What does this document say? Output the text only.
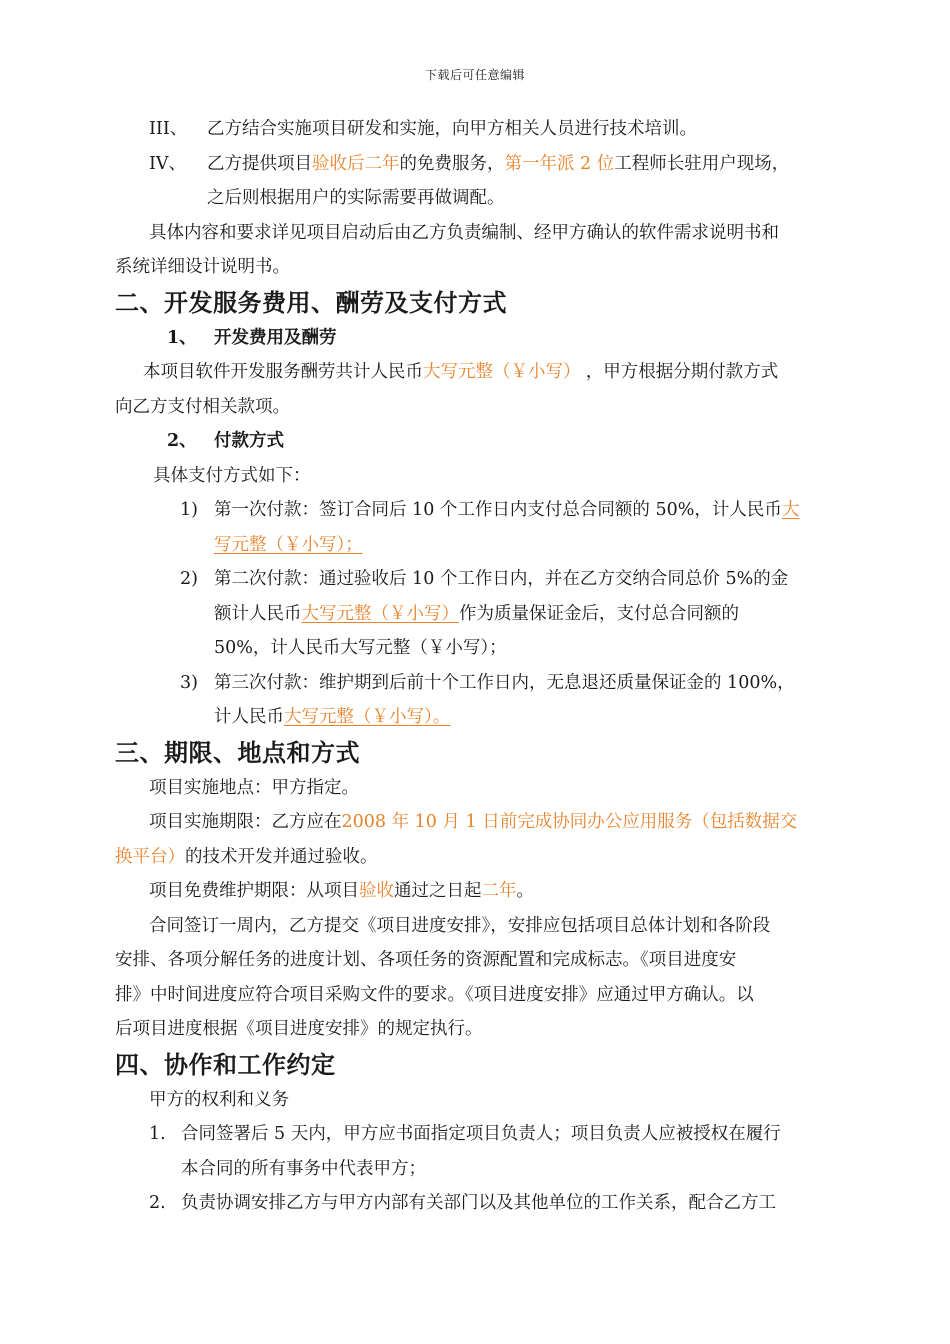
下载后可任意编辑
III、 乙方结合实施项目研发和实施，向甲方相关人员进行技术培训。
IV、 乙方提供项目验收后二年的免费服务，第一年派 2 位工程师长驻用户现场，
之后则根据用户的实际需要再做调配。
具体内容和要求详见项目启动后由乙方负责编制、经甲方确认的软件需求说明书和
系统详细设计说明书。
二、开发服务费用、酬劳及支付方式
1、 开发费用及酬劳
本项目软件开发服务酬劳共计人民币大写元整（￥小写） ，甲方根据分期付款方式
向乙方支付相关款项。
2、 付款方式
具体支付方式如下：
1) 第一次付款：签订合同后 10 个工作日内支付总合同额的 50%，计人民币大
写元整（￥小写）；
2) 第二次付款：通过验收后 10 个工作日内，并在乙方交纳合同总价 5%的金
额计人民币大写元整（￥小写）作为质量保证金后，支付总合同额的
50%，计人民币大写元整（￥小写）；
3) 第三次付款：维护期到后前十个工作日内，无息退还质量保证金的 100%，
计人民币大写元整（￥小写）。
三、期限、地点和方式
项目实施地点：甲方指定。
项目实施期限：乙方应在2008 年 10 月 1 日前完成协同办公应用服务（包括数据交
换平台）的技术开发并通过验收。
项目免费维护期限：从项目验收通过之日起二年。
合同签订一周内，乙方提交《项目进度安排》，安排应包括项目总体计划和各阶段
安排、各项分解任务的进度计划、各项任务的资源配置和完成标志。《项目进度安
排》中时间进度应符合项目采购文件的要求。《项目进度安排》应通过甲方确认。以
后项目进度根据《项目进度安排》的规定执行。
四、协作和工作约定
甲方的权利和义务
1. 合同签署后 5 天内，甲方应书面指定项目负责人；项目负责人应被授权在履行
本合同的所有事务中代表甲方；
2. 负责协调安排乙方与甲方内部有关部门以及其他单位的工作关系，配合乙方工
